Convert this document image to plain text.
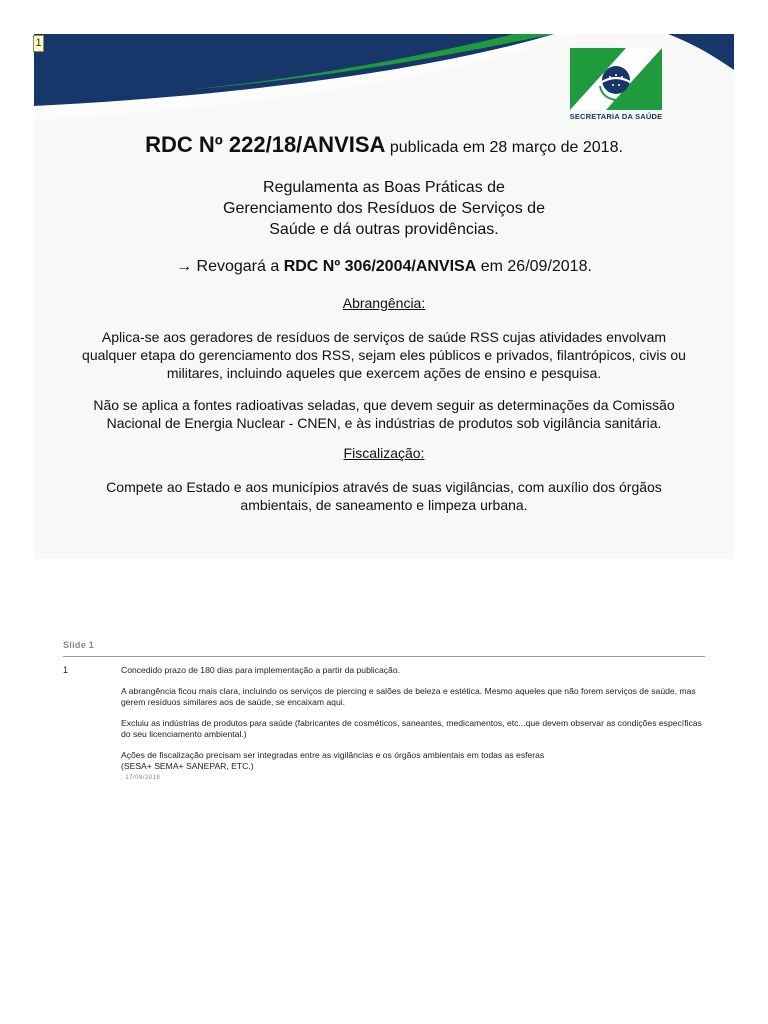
1
SECRETARIA DA SAÚDE
RDC Nº 222/18/ANVISA publicada em 28 março de 2018.
Regulamenta as Boas Práticas de
Gerenciamento dos Resíduos de Serviços de
Saúde e dá outras providências.
→ Revogará a RDC Nº 306/2004/ANVISA em 26/09/2018.
Abrangência:
Aplica-se aos geradores de resíduos de serviços de saúde RSS cujas atividades envolvam qualquer etapa do gerenciamento dos RSS, sejam eles públicos e privados, filantrópicos, civis ou militares, incluindo aqueles que exercem ações de ensino e pesquisa.
Não se aplica a fontes radioativas seladas, que devem seguir as determinações da Comissão Nacional de Energia Nuclear - CNEN, e às indústrias de produtos sob vigilância sanitária.
Fiscalização:
Compete ao Estado e aos municípios através de suas vigilâncias, com auxílio dos órgãos ambientais, de saneamento e limpeza urbana.
Slide 1
1	Concedido prazo de 180 dias para implementação a partir da publicação.

A abrangência ficou mais clara, incluindo os serviços de piercing e salões de beleza e estética. Mesmo aqueles que não forem serviços de saúde, mas gerem resíduos similares aos de saúde, se encaixam aqui.

Excluiu as indústrias de produtos para saúde (fabricantes de cosméticos, saneantes, medicamentos, etc...que devem observar as condições específicas do seu licenciamento ambiental.)

Ações de fiscalização precisam ser integradas entre as vigilâncias e os órgãos ambientais em todas as esferas
(SESA+ SEMA+ SANEPAR, ETC.)

; 17/09/2018
